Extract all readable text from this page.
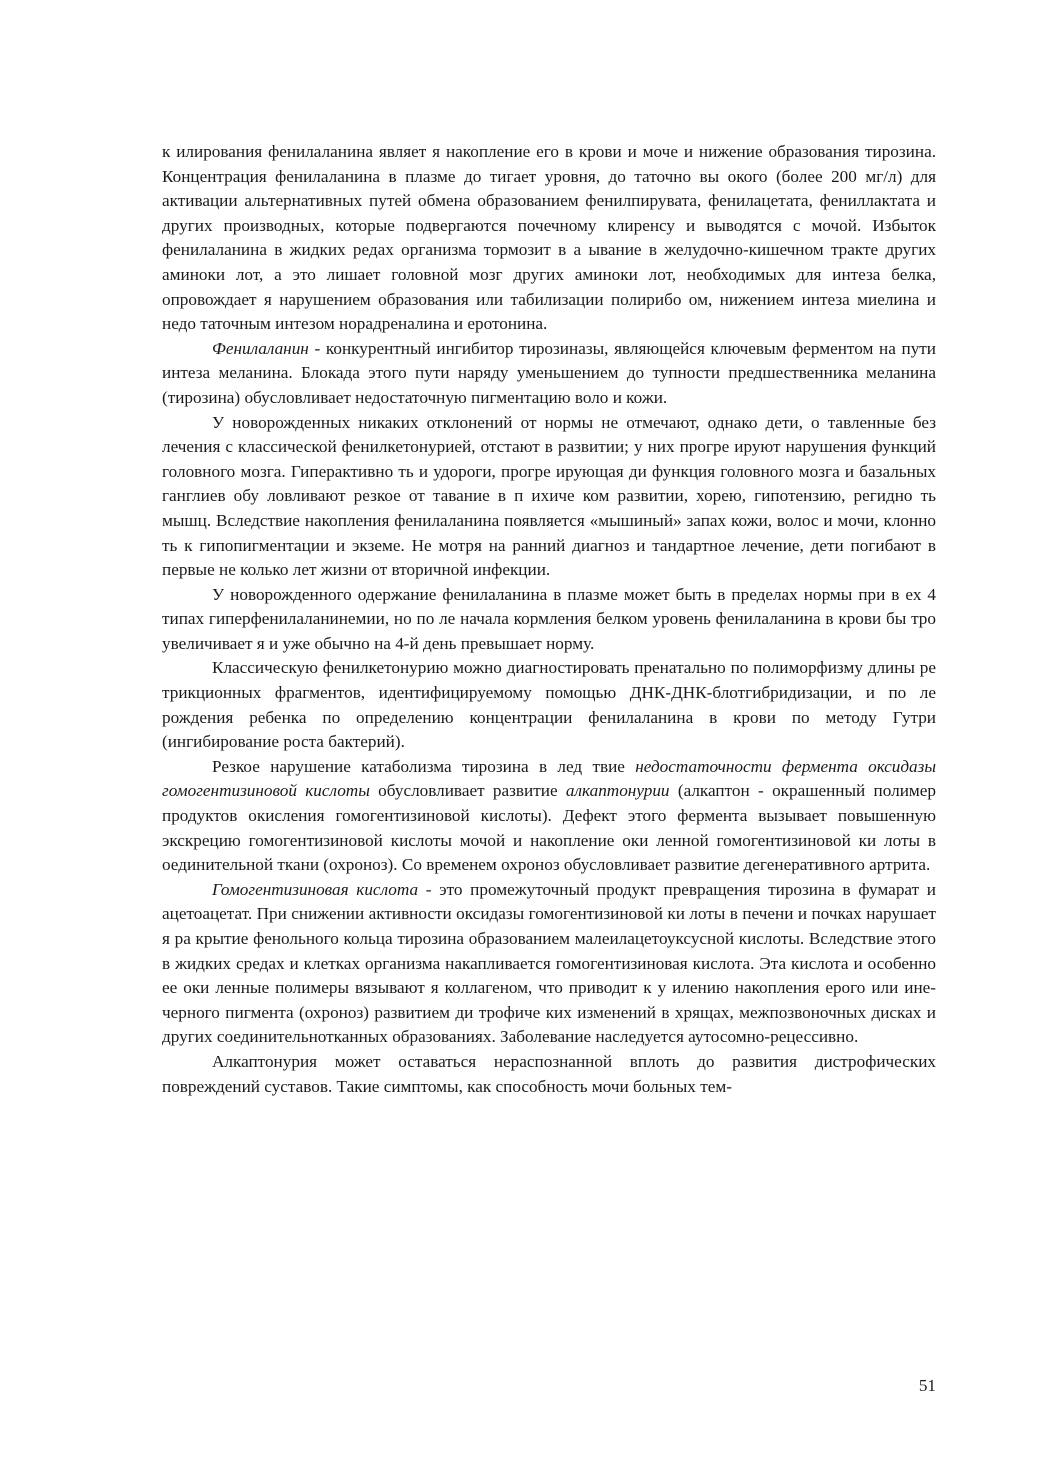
к илирования фенилаланина являет я накопление его в крови и моче и нижение образования тирозина. Концентрация фенилаланина в плазме до тигает уровня, до таточно вы окого (более 200 мг/л) для активации альтернативных путей обмена образованием фенилпирувата, фенилацетата, фениллактата и других производных, которые подвергаются почечному клиренсу и выводятся с мочой. Избыток фенилаланина в жидких редах организма тормозит в а ывание в желудочно-кишечном тракте других аминоки лот, а это лишает головной мозг других аминоки лот, необходимых для интеза белка, опровождает я нарушением образования или табилизации полирибо ом, нижением интеза миелина и недо таточным интезом норадреналина и еротонина.

Фенилаланин - конкурентный ингибитор тирозиназы, являющейся ключевым ферментом на пути интеза меланина. Блокада этого пути наряду уменьшением до тупности предшественника меланина (тирозина) обусловливает недостаточную пигментацию воло и кожи.

У новорожденных никаких отклонений от нормы не отмечают, однако дети, о тавленные без лечения с классической фенилкетонурией, отстают в развитии; у них прогре ируют нарушения функций головного мозга. Гиперактивно ть и удороги, прогре ирующая ди функция головного мозга и базальных ганглиев обу ловливают резкое от тавание в п ихиче ком развитии, хорею, гипотензию, регидно ть мышц. Вследствие накопления фенилаланина появляется «мышиный» запах кожи, волос и мочи, клонно ть к гипопигментации и экземе. Не мотря на ранний диагноз и тандартное лечение, дети погибают в первые не колько лет жизни от вторичной инфекции.

У новорожденного одержание фенилаланина в плазме может быть в пределах нормы при в ех 4 типах гиперфенилаланинемии, но по ле начала кормления белком уровень фенилаланина в крови бы тро увеличивает я и уже обычно на 4-й день превышает норму.

Классическую фенилкетонурию можно диагностировать пренатально по полиморфизму длины ре трикционных фрагментов, идентифицируемому помощью ДНК-ДНК-блотгибридизации, и по ле рождения ребенка по определению концентрации фенилаланина в крови по методу Гутри (ингибирование роста бактерий).

Резкое нарушение катаболизма тирозина в лед твие недостаточности фермента оксидазы гомогентизиновой кислоты обусловливает развитие алкаптонурии (алкаптон - окрашенный полимер продуктов окисления гомогентизиновой кислоты). Дефект этого фермента вызывает повышенную экскрецию гомогентизиновой кислоты мочой и накопление оки ленной гомогентизиновой ки лоты в оединительной ткани (охроноз). Со временем охроноз обусловливает развитие дегенеративного артрита.

Гомогентизиновая кислота - это промежуточный продукт превращения тирозина в фумарат и ацетоацетат. При снижении активности оксидазы гомогентизиновой ки лоты в печени и почках нарушает я ра крытие фенольного кольца тирозина образованием малеилацетоуксусной кислоты. Вследствие этого в жидких средах и клетках организма накапливается гомогентизиновая кислота. Эта кислота и особенно ее оки ленные полимеры вязывают я коллагеном, что приводит к у илению накопления ерого или ине-черного пигмента (охроноз) развитием ди трофиче ких изменений в хрящах, межпозвоночных дисках и других соединительнотканных образованиях. Заболевание наследуется аутосомно-рецессивно.

Алкаптонурия может оставаться нераспознанной вплоть до развития дистрофических повреждений суставов. Такие симптомы, как способность мочи больных тем-

51
